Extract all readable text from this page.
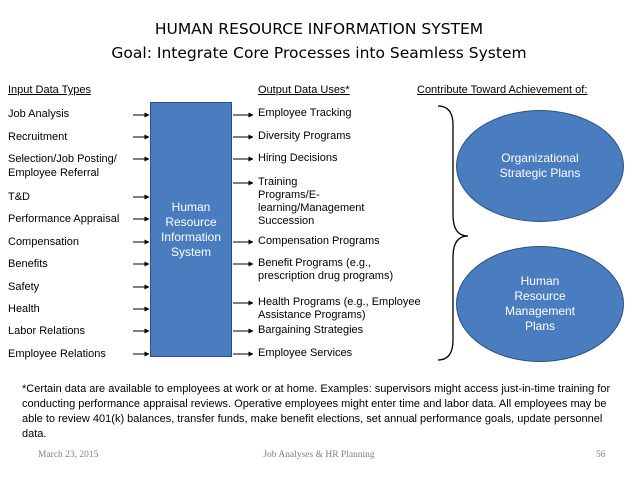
HUMAN RESOURCE INFORMATION SYSTEM
Goal: Integrate Core Processes into Seamless System
Input Data Types	Output Data Uses*	Contribute Toward Achievement of:
Job Analysis
Recruitment
Selection/Job Posting/
Employee Referral
T&D
Performance Appraisal
Compensation
Benefits
Safety
Health
Labor Relations
Employee Relations
Human
Resource
Information
System
Employee Tracking
Diversity Programs
Hiring Decisions
Training Programs/E-learning/Management Succession
Compensation Programs
Benefit Programs (e.g., prescription drug programs)
Health Programs (e.g., Employee Assistance Programs)
Bargaining Strategies
Employee Services
Organizational
Strategic Plans
Human
Resource
Management
Plans
*Certain data are available to employees at work or at home. Examples: supervisors might access just-in-time training for conducting performance appraisal reviews. Operative employees might enter time and labor data. All employees may be able to review 401(k) balances, transfer funds, make benefit elections, set annual performance goals, update personnel data.
March 23, 2015	Job Analyses & HR Planning	56
